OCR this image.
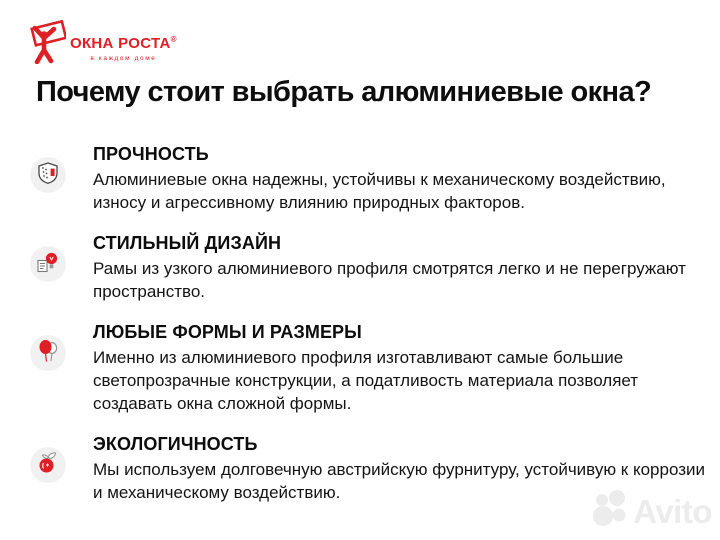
ОКНА РОСТА®
в каждом доме
Почему стоит выбрать алюминиевые окна?
ПРОЧНОСТЬ

Алюминиевые окна надежны, устойчивы к механическому воздействию, износу и агрессивному влиянию природных факторов.

СТИЛЬНЫЙ ДИЗАЙН

Рамы из узкого алюминиевого профиля смотрятся легко и не перегружают пространство.

ЛЮБЫЕ ФОРМЫ И РАЗМЕРЫ

Именно из алюминиевого профиля изготавливают самые большие светопрозрачные конструкции, а податливость материала позволяет создавать окна сложной формы.

ЭКОЛОГИЧНОСТЬ

Мы используем долговечную австрийскую фурнитуру, устойчивую к коррозии и механическому воздействию.

Avito
